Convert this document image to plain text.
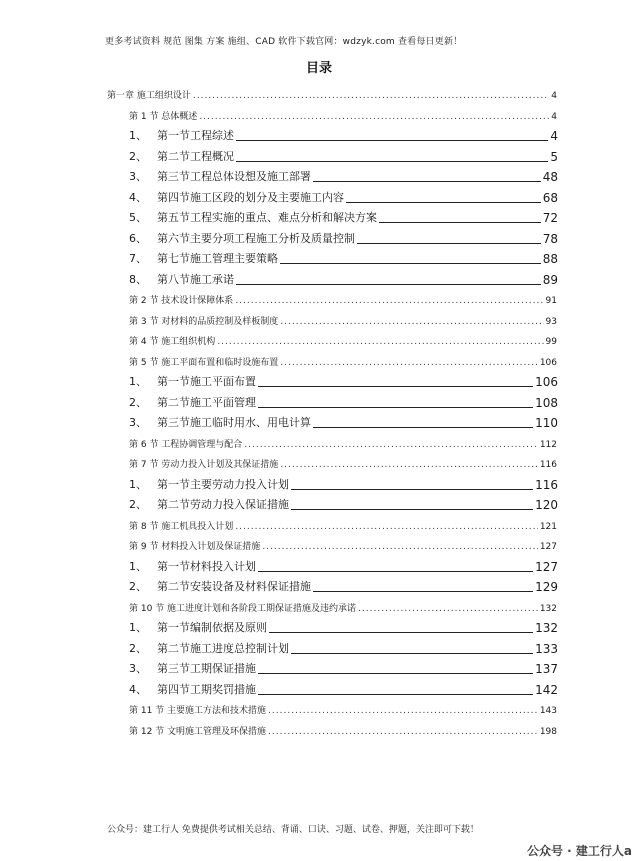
更多考试资料 规范 图集 方案 施组、CAD 软件下载官网：wdzyk.com 查看每日更新！
目录
第一章 施工组织设计 .....	4
第 1 节 总体概述 .....	4
1、 第一节工程综述	4
2、 第二节工程概况	5
3、 第三节工程总体设想及施工部署	48
4、 第四节施工区段的划分及主要施工内容	68
5、 第五节工程实施的重点、难点分析和解决方案	72
6、 第六节主要分项工程施工分析及质量控制	78
7、 第七节施工管理主要策略	88
8、 第八节施工承诺	89
第 2 节 技术设计保障体系 .....	91
第 3 节 对材料的品质控制及样板制度 .....	93
第 4 节 施工组织机构 .....	99
第 5 节 施工平面布置和临时设施布置 .....	106
1、 第一节施工平面布置	106
2、 第二节施工平面管理	108
3、 第三节施工临时用水、用电计算	110
第 6 节 工程协调管理与配合 .....	112
第 7 节 劳动力投入计划及其保证措施 .....	116
1、 第一节主要劳动力投入计划	116
2、 第二节劳动力投入保证措施	120
第 8 节 施工机具投入计划 .....	121
第 9 节 材料投入计划及保证措施 .....	127
1、 第一节材料投入计划	127
2、 第二节安装设备及材料保证措施	129
第 10 节 施工进度计划和各阶段工期保证措施及违约承诺 .....	132
1、 第一节编制依据及原则	132
2、 第二节施工进度总控制计划	133
3、 第三节工期保证措施	137
4、 第四节工期奖罚措施	142
第 11 节 主要施工方法和技术措施 .....	143
第 12 节 文明施工管理及环保措施 .....	198
公众号：建工行人 免费提供考试相关总结、背诵、口诀、习题、试卷、押题，关注即可下载！
公众号 · 建工行人a
